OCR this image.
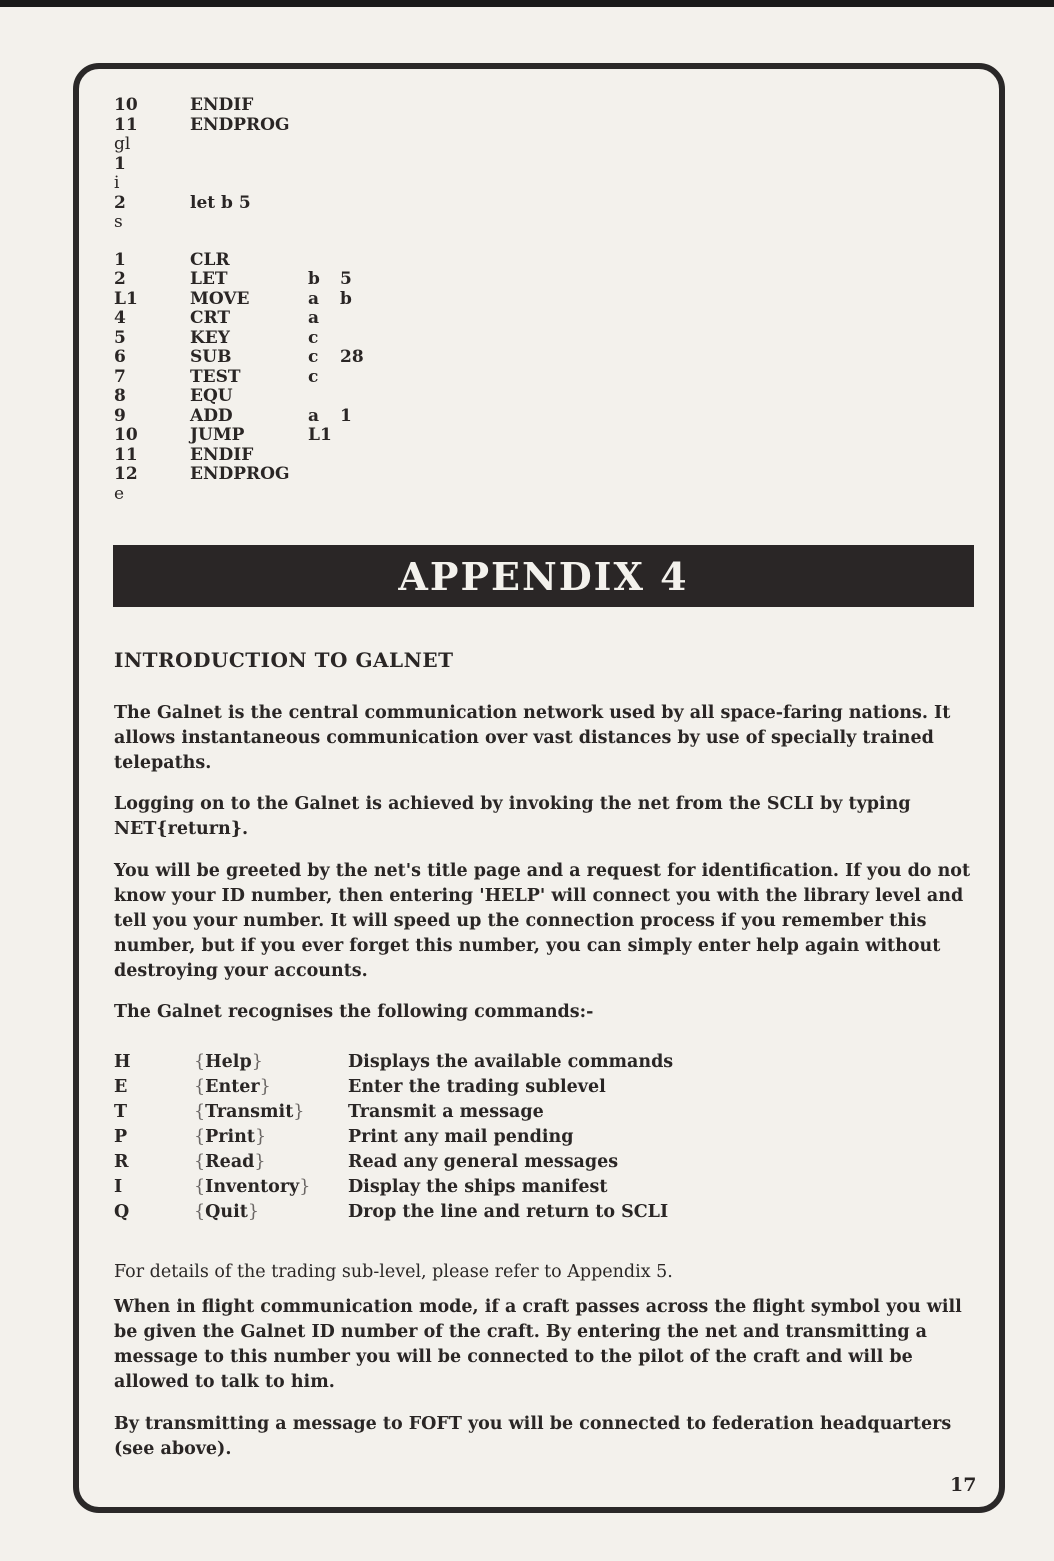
10	ENDIF
11	ENDPROG
gl
1
i
2	let b 5
s
1	CLR
2	LET	b 5
L1	MOVE	a b
4	CRT	a
5	KEY	c
6	SUB	c 28
7	TEST	c
8	EQU
9	ADD	a 1
10	JUMP	L1
11	ENDIF
12	ENDPROG
e
APPENDIX 4
INTRODUCTION TO GALNET

The Galnet is the central communication network used by all space-faring nations. It allows instantaneous communication over vast distances by use of specially trained telepaths.

Logging on to the Galnet is achieved by invoking the net from the SCLI by typing NET{return}.

You will be greeted by the net's title page and a request for identification. If you do not know your ID number, then entering 'HELP' will connect you with the library level and tell you your number. It will speed up the connection process if you remember this number, but if you ever forget this number, you can simply enter help again without destroying your accounts.

The Galnet recognises the following commands:-

H	{Help}	Displays the available commands
E	{Enter}	Enter the trading sublevel
T	{Transmit} Transmit a message
P	{Print}	Print any mail pending
R	{Read}	Read any general messages
I	{Inventory} Display the ships manifest
Q	{Quit}	Drop the line and return to SCLI

For details of the trading sub-level, please refer to Appendix 5.

When in flight communication mode, if a craft passes across the flight symbol you will be given the Galnet ID number of the craft. By entering the net and transmitting a message to this number you will be connected to the pilot of the craft and will be allowed to talk to him.

By transmitting a message to FOFT you will be connected to federation headquarters (see above).

17
